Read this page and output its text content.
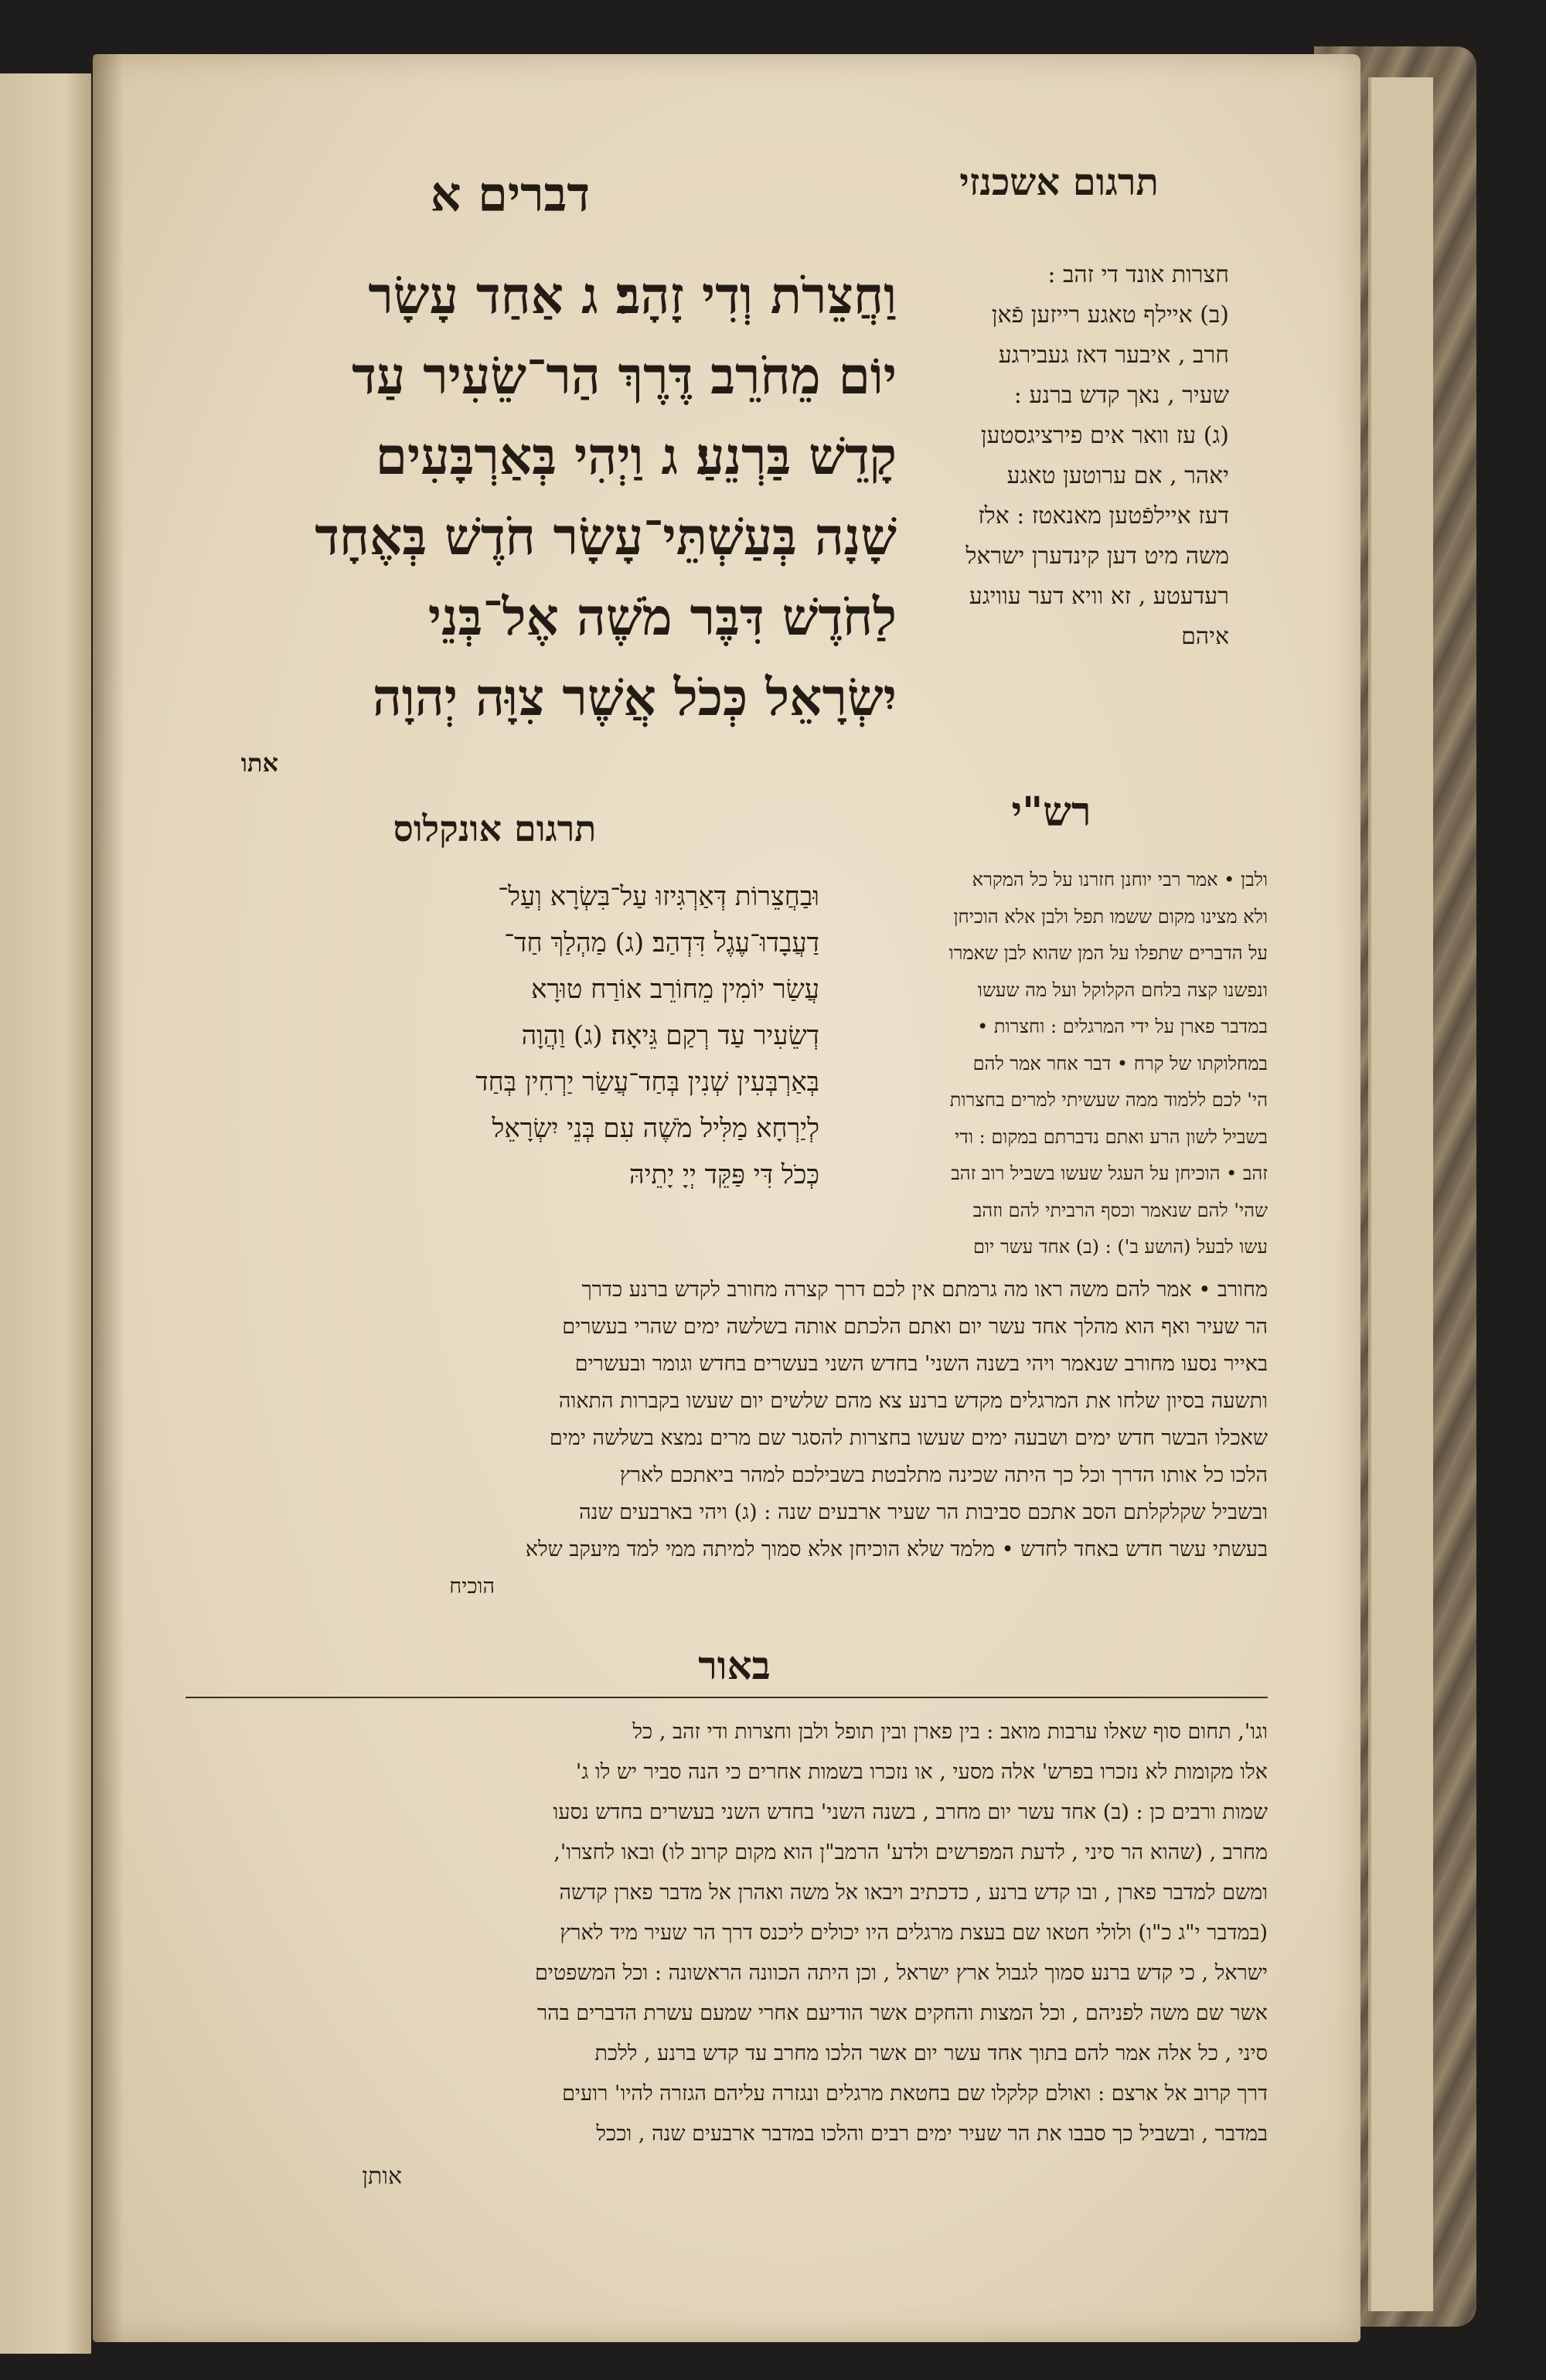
דברים א	תרגום אשכנזי
וַחֲצֵרֹת וְדִי זָהָב׃ ג אַחַד עָשָׂר
יוֹם מֵחֹרֵב דֶּרֶךְ הַר־שֵׂעִיר עַד
קָדֵשׁ בַּרְנֵעַ׃ ג וַיְהִי בְּאַרְבָּעִים
שָׁנָה בְּעַשְׁתֵּי־עָשָׂר חֹדֶשׁ בְּאֶחָד
לַחֹדֶשׁ דִּבֶּר מֹשֶׁה אֶל־בְּנֵי
יִשְׂרָאֵל כְּכֹל אֲשֶׁר צִוָּה יְהוָה
אתו
חצרות אונד די זהב :
(ב) איילף טאגע רייזען פֿאן
חרב , איבער דאז געבירגע
שעיר , נאך קדש ברנע :
(ג) עז וואר אים פירציגסטען
יאהר , אם ערוטען טאגע
דעז איילפֿטען מאנאטז : אלז
משה מיט דען קינדערן ישראל
רעדעטע , זא וויא דער עוויגע
איהם
תרגום אונקלוס	רש"י
וּבַחֲצֵרוֹת דְּאַרְגִּיזוּ עַל־בִּשְׂרָא וְעַל־
דַעֲבָדוּ־עֶגֶל דִּדְהַב׃ (ג) מַהְלַךְ חַד־
עֲשַׂר יוֹמִין מֵחוֹרֵב אוֹרַח טוּרָא
דְשֵׂעִיר עַד רְקַם גֵּיאָה׃ (ג) וַהֲוָה
בְּאַרְבְּעִין שְׁנִין בְּחַד־עֲשַׂר יַרְחִין בְּחַד
לְיַרְחָא מַלִּיל מֹשֶׁה עִם בְּנֵי יִשְׂרָאֵל
כְּכֹל דִּי פַּקֵּד יְיָ יָתֵיהּ
ולבן • אמר רבי יוחנן חזרנו על כל המקרא
ולא מצינו מקום ששמו תפל ולבן אלא הוכיחן
על הדברים שתפלו על המן שהוא לבן שאמרו
ונפשנו קצה בלחם הקלוקל ועל מה שעשו
במדבר פארן על ידי המרגלים : וחצרות •
במחלוקתו של קרח • דבר אחר אמר להם
הי' לכם ללמוד ממה שעשיתי למרים בחצרות
בשביל לשון הרע ואתם נדברתם במקום : ודי
זהב • הוכיחן על העגל שעשו בשביל רוב זהב
שהי' להם שנאמר וכסף הרביתי להם וזהב
עשו לבעל (הושע ב') : (ב) אחד עשר יום
מחורב • אמר להם משה ראו מה גרמתם אין לכם דרך קצרה מחורב לקדש ברנע כדרך
הר שעיר ואף הוא מהלך אחד עשר יום ואתם הלכתם אותה בשלשה ימים שהרי בעשרים
באייר נסעו מחורב שנאמר ויהי בשנה השני' בחדש השני בעשרים בחדש וגומר ובעשרים
ותשעה בסיון שלחו את המרגלים מקדש ברנע צא מהם שלשים יום שעשו בקברות התאוה
שאכלו הבשר חדש ימים ושבעה ימים שעשו בחצרות להסגר שם מרים נמצא בשלשה ימים
הלכו כל אותו הדרך וכל כך היתה שכינה מתלבטת בשבילכם למהר ביאתכם לארץ
ובשביל שקלקלתם הסב אתכם סביבות הר שעיר ארבעים שנה : (ג) ויהי בארבעים שנה
בעשתי עשר חדש באחד לחדש • מלמד שלא הוכיחן אלא סמוך למיתה ממי למד מיעקב שלא
הוכיח
באור
וגו', תחום סוף שאלו ערבות מואב : בין פארן ובין תופל ולבן וחצרות ודי זהב , כל
אלו מקומות לא נזכרו בפרש' אלה מסעי , או נזכרו בשמות אחרים כי הנה סביר יש לו ג'
שמות ורבים כן : (ב) אחד עשר יום מחרב , בשנה השני' בחדש השני בעשרים בחדש נסעו
מחרב , (שהוא הר סיני , לדעת המפרשים ולדע' הרמב"ן הוא מקום קרוב לו) ובאו לחצרו',
ומשם למדבר פארן , ובו קדש ברנע , כדכתיב ויבאו אל משה ואהרן אל מדבר פארן קדשה
(במדבר י"ג כ"ו) ולולי חטאו שם בעצת מרגלים היו יכולים ליכנס דרך הר שעיר מיד לארץ
ישראל , כי קדש ברנע סמוך לגבול ארץ ישראל , וכן היתה הכוונה הראשונה : וכל המשפטים
אשר שם משה לפניהם , וכל המצות והחקים אשר הודיעם אחרי שמעם עשרת הדברים בהר
סיני , כל אלה אמר להם בתוך אחד עשר יום אשר הלכו מחרב עד קדש ברנע , ללכת
דרך קרוב אל ארצם : ואולם קלקלו שם בחטאת מרגלים ונגזרה עליהם הגזרה להיו' רועים
במדבר , ובשביל כך סבבו את הר שעיר ימים רבים והלכו במדבר ארבעים שנה , וככל
אותן
